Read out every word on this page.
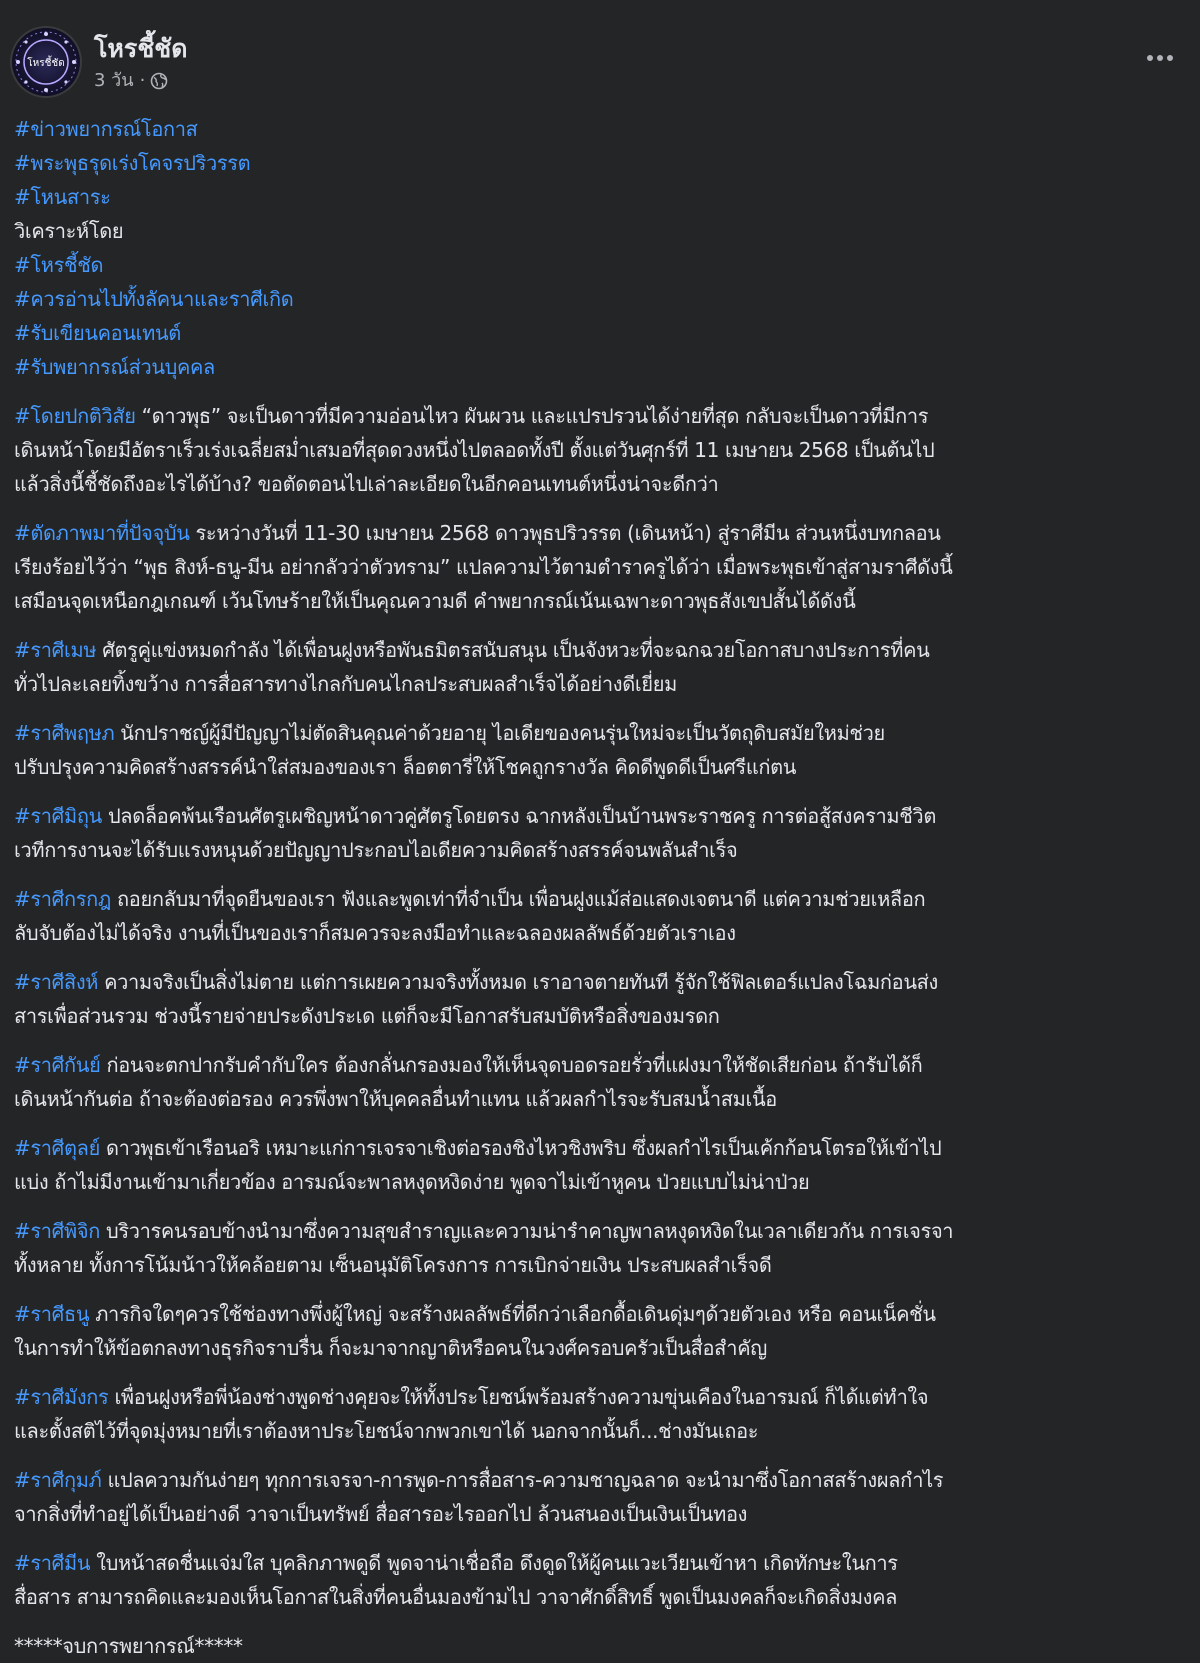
โหรชี้ชัด
โหรชี้ชัด
3 วัน ·

#ข่าวพยากรณ์โอกาส
#พระพุธรุดเร่งโคจรปริวรรต
#โหนสาระ
วิเคราะห์โดย
#โหรชี้ชัด
#ควรอ่านไปทั้งลัคนาและราศีเกิด
#รับเขียนคอนเทนต์
#รับพยากรณ์ส่วนบุคคล

#โดยปกติวิสัย “ดาวพุธ” จะเป็นดาวที่มีความอ่อนไหว ผันผวน และแปรปรวนได้ง่ายที่สุด กลับจะเป็นดาวที่มีการ
เดินหน้าโดยมีอัตราเร็วเร่งเฉลี่ยสม่ำเสมอที่สุดดวงหนึ่งไปตลอดทั้งปี ตั้งแต่วันศุกร์ที่ 11 เมษายน 2568 เป็นต้นไป
แล้วสิ่งนี้ชี้ชัดถึงอะไรได้บ้าง? ขอตัดตอนไปเล่าละเอียดในอีกคอนเทนต์หนึ่งน่าจะดีกว่า

#ตัดภาพมาที่ปัจจุบัน ระหว่างวันที่ 11-30 เมษายน 2568 ดาวพุธปริวรรต (เดินหน้า) สู่ราศีมีน ส่วนหนึ่งบทกลอน
เรียงร้อยไว้ว่า “พุธ สิงห์-ธนู-มีน อย่ากลัวว่าตัวทราม” แปลความไว้ตามตำราครูได้ว่า เมื่อพระพุธเข้าสู่สามราศีดังนี้
เสมือนจุดเหนือกฎเกณฑ์ เว้นโทษร้ายให้เป็นคุณความดี คำพยากรณ์เน้นเฉพาะดาวพุธสังเขปสั้นได้ดังนี้

#ราศีเมษ ศัตรูคู่แข่งหมดกำลัง ได้เพื่อนฝูงหรือพันธมิตรสนับสนุน เป็นจังหวะที่จะฉกฉวยโอกาสบางประการที่คน
ทั่วไปละเลยทิ้งขว้าง การสื่อสารทางไกลกับคนไกลประสบผลสำเร็จได้อย่างดีเยี่ยม

#ราศีพฤษภ นักปราชญ์ผู้มีปัญญาไม่ตัดสินคุณค่าด้วยอายุ ไอเดียของคนรุ่นใหม่จะเป็นวัตถุดิบสมัยใหม่ช่วย
ปรับปรุงความคิดสร้างสรรค์นำใส่สมองของเรา ล็อตตารี่ให้โชคถูกรางวัล คิดดีพูดดีเป็นศรีแก่ตน

#ราศีมิถุน ปลดล็อคพ้นเรือนศัตรูเผชิญหน้าดาวคู่ศัตรูโดยตรง ฉากหลังเป็นบ้านพระราชครู การต่อสู้สงครามชีวิต
เวทีการงานจะได้รับแรงหนุนด้วยปัญญาประกอบไอเดียความคิดสร้างสรรค์จนพลันสำเร็จ

#ราศีกรกฎ ถอยกลับมาที่จุดยืนของเรา ฟังและพูดเท่าที่จำเป็น เพื่อนฝูงแม้ส่อแสดงเจตนาดี แต่ความช่วยเหลือก
ลับจับต้องไม่ได้จริง งานที่เป็นของเราก็สมควรจะลงมือทำและฉลองผลลัพธ์ด้วยตัวเราเอง

#ราศีสิงห์ ความจริงเป็นสิ่งไม่ตาย แต่การเผยความจริงทั้งหมด เราอาจตายทันที รู้จักใช้ฟิลเตอร์แปลงโฉมก่อนส่ง
สารเพื่อส่วนรวม ช่วงนี้รายจ่ายประดังประเด แต่ก็จะมีโอกาสรับสมบัติหรือสิ่งของมรดก

#ราศีกันย์ ก่อนจะตกปากรับคำกับใคร ต้องกลั่นกรองมองให้เห็นจุดบอดรอยรั่วที่แฝงมาให้ชัดเสียก่อน ถ้ารับได้ก็
เดินหน้ากันต่อ ถ้าจะต้องต่อรอง ควรพึ่งพาให้บุคคลอื่นทำแทน แล้วผลกำไรจะรับสมน้ำสมเนื้อ

#ราศีตุลย์ ดาวพุธเข้าเรือนอริ เหมาะแก่การเจรจาเชิงต่อรองชิงไหวชิงพริบ ซึ่งผลกำไรเป็นเค้กก้อนโตรอให้เข้าไป
แบ่ง ถ้าไม่มีงานเข้ามาเกี่ยวข้อง อารมณ์จะพาลหงุดหงิดง่าย พูดจาไม่เข้าหูคน ป่วยแบบไม่น่าป่วย

#ราศีพิจิก บริวารคนรอบข้างนำมาซึ่งความสุขสำราญและความน่ารำคาญพาลหงุดหงิดในเวลาเดียวกัน การเจรจา
ทั้งหลาย ทั้งการโน้มน้าวให้คล้อยตาม เซ็นอนุมัติโครงการ การเบิกจ่ายเงิน ประสบผลสำเร็จดี

#ราศีธนู ภารกิจใดๆควรใช้ช่องทางพึ่งผู้ใหญ่ จะสร้างผลลัพธ์ที่ดีกว่าเลือกดื้อเดินดุ่มๆด้วยตัวเอง หรือ คอนเน็คชั่น
ในการทำให้ข้อตกลงทางธุรกิจราบรื่น ก็จะมาจากญาติหรือคนในวงศ์ครอบครัวเป็นสื่อสำคัญ

#ราศีมังกร เพื่อนฝูงหรือพี่น้องช่างพูดช่างคุยจะให้ทั้งประโยชน์พร้อมสร้างความขุ่นเคืองในอารมณ์ ก็ได้แต่ทำใจ
และตั้งสติไว้ที่จุดมุ่งหมายที่เราต้องหาประโยชน์จากพวกเขาได้ นอกจากนั้นก็...ช่างมันเถอะ

#ราศีกุมภ์ แปลความกันง่ายๆ ทุกการเจรจา-การพูด-การสื่อสาร-ความชาญฉลาด จะนำมาซึ่งโอกาสสร้างผลกำไร
จากสิ่งที่ทำอยู่ได้เป็นอย่างดี วาจาเป็นทรัพย์ สื่อสารอะไรออกไป ล้วนสนองเป็นเงินเป็นทอง

#ราศีมีน ใบหน้าสดชื่นแจ่มใส บุคลิกภาพดูดี พูดจาน่าเชื่อถือ ดึงดูดให้ผู้คนแวะเวียนเข้าหา เกิดทักษะในการ
สื่อสาร สามารถคิดและมองเห็นโอกาสในสิ่งที่คนอื่นมองข้ามไป วาจาศักดิ์สิทธิ์ พูดเป็นมงคลก็จะเกิดสิ่งมงคล

*****จบการพยากรณ์*****
